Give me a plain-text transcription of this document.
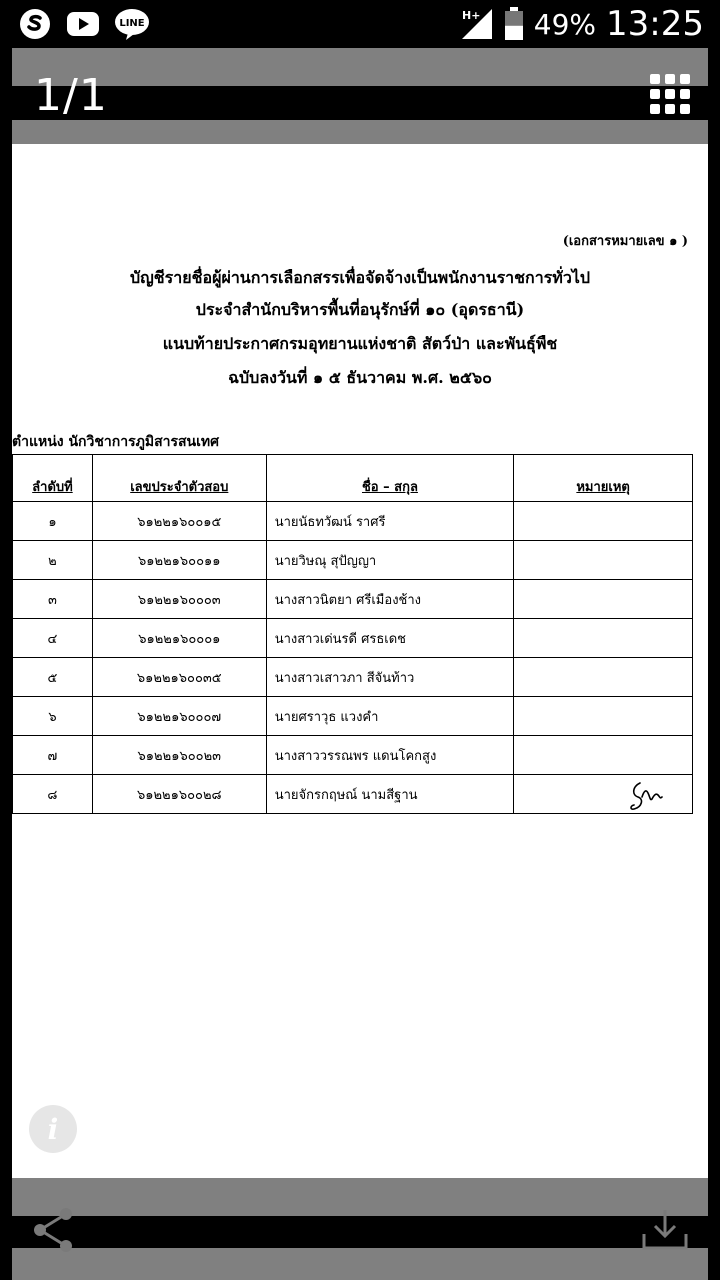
LINE
H+ 49% 13:25
1/1
(เอกสารหมายเลข ๑ )
บัญชีรายชื่อผู้ผ่านการเลือกสรรเพื่อจัดจ้างเป็นพนักงานราชการทั่วไป
ประจำสำนักบริหารพื้นที่อนุรักษ์ที่ ๑๐ (อุดรธานี)
แนบท้ายประกาศกรมอุทยานแห่งชาติ สัตว์ป่า และพันธุ์พืช
ฉบับลงวันที่ ๑ ๕ ธันวาคม พ.ศ. ๒๕๖๐
ตำแหน่ง นักวิชาการภูมิสารสนเทศ
ลำดับที่	เลขประจำตัวสอบ	ชื่อ – สกุล	หมายเหตุ
๑	๖๑๒๒๑๖๐๐๑๕	นายนัธทวัฒน์ ราศรี	
๒	๖๑๒๒๑๖๐๐๑๑	นายวิษณุ สุปัญญา	
๓	๖๑๒๒๑๖๐๐๐๓	นางสาวนิตยา ศรีเมืองช้าง	
๔	๖๑๒๒๑๖๐๐๐๑	นางสาวเด่นรดี ศรธเดช	
๕	๖๑๒๒๑๖๐๐๓๕	นางสาวเสาวภา สีจันท้าว	
๖	๖๑๒๒๑๖๐๐๐๗	นายศราวุธ แวงคำ	
๗	๖๑๒๒๑๖๐๐๒๓	นางสาววรรณพร แดนโคกสูง	
๘	๖๑๒๒๑๖๐๐๒๘	นายจักรกฤษณ์ นามสีฐาน	
i
